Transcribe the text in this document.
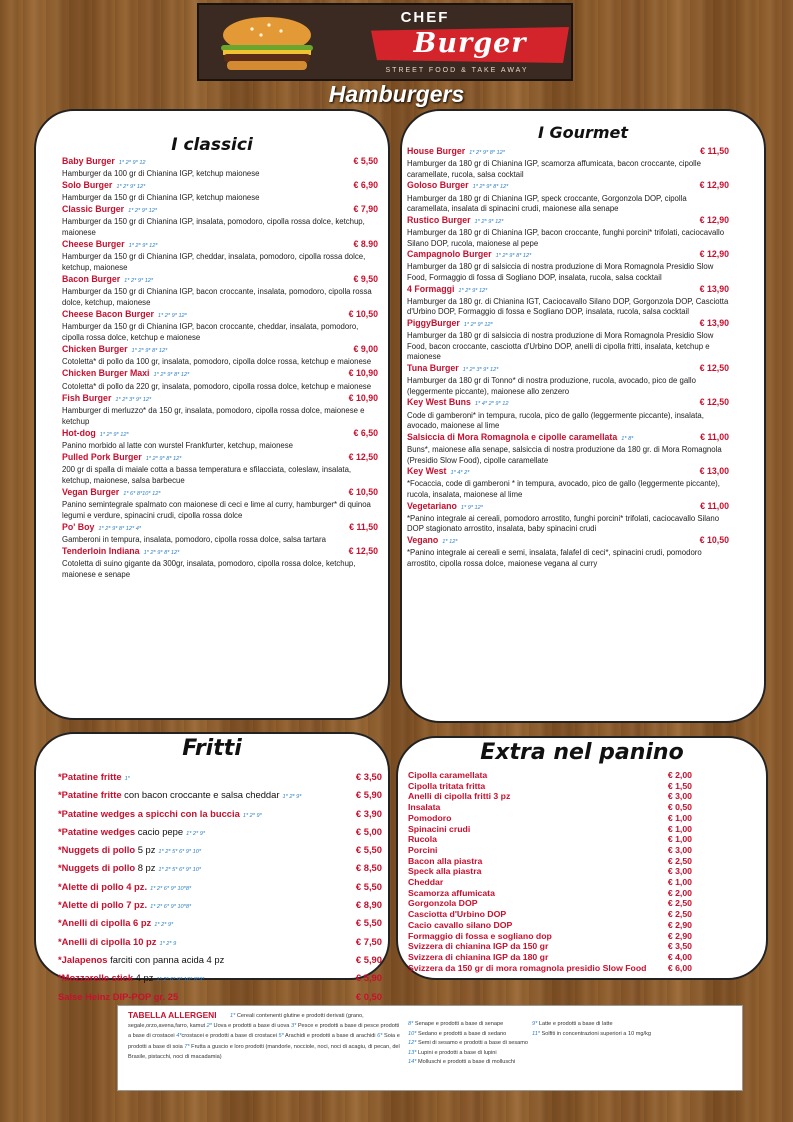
CHEF
Burger
STREET FOOD & TAKE AWAY
Hamburgers
I classici
Baby Burger 1* 2* 9* 12	€ 5,50
Hamburger da 100 gr di Chianina IGP, ketchup maionese
Solo Burger 1* 2* 9* 12*	€ 6,90
Hamburger da 150 gr di Chianina IGP, ketchup maionese
Classic Burger 1* 2* 9* 12*	€ 7,90
Hamburger da 150 gr di Chianina IGP, insalata, pomodoro, cipolla rossa dolce, ketchup, maionese
Cheese Burger 1* 2* 9* 12*	€ 8.90
Hamburger da 150 gr di Chianina IGP, cheddar, insalata, pomodoro, cipolla rossa dolce, ketchup, maionese
Bacon Burger 1* 2* 9* 12*	€ 9,50
Hamburger da 150 gr di Chianina IGP, bacon croccante, insalata, pomodoro, cipolla rossa dolce, ketchup, maionese
Cheese Bacon Burger 1* 2* 9* 12*	€ 10,50
Hamburger da 150 gr di Chianina IGP, bacon croccante, cheddar, insalata, pomodoro, cipolla rossa dolce, ketchup e maionese
Chicken Burger 1* 2* 9* 8* 12*	€ 9,00
Cotoletta* di pollo da 100 gr, insalata, pomodoro, cipolla dolce rossa, ketchup e maionese
Chicken Burger Maxi 1* 2* 9* 8* 12*	€ 10,90
Cotoletta* di pollo da 220 gr, insalata, pomodoro, cipolla rossa dolce, ketchup e maionese
Fish Burger 1* 2* 3* 9* 12*	€ 10,90
Hamburger di merluzzo* da 150 gr, insalata, pomodoro, cipolla rossa dolce, maionese e ketchup
Hot-dog 1* 2* 9* 12*	€ 6,50
Panino morbido al latte con wurstel Frankfurter, ketchup, maionese
Pulled Pork Burger 1* 2* 9* 8* 12*	€ 12,50
200 gr di spalla di maiale cotta a bassa temperatura e sfilacciata, coleslaw, insalata, ketchup, maionese, salsa barbecue
Vegan Burger 1* 6* 8*10* 12*	€ 10,50
Panino semintegrale spalmato con maionese di ceci e lime al curry, hamburger* di quinoa legumi e verdure, spinacini crudi, cipolla rossa dolce
Po' Boy 1* 2* 9* 8* 12* 4*	€ 11,50
Gamberoni in tempura, insalata, pomodoro, cipolla rossa dolce, salsa tartara
Tenderloin Indiana 1* 2* 9* 8* 12*	€ 12,50
Cotoletta di suino gigante da 300gr, insalata, pomodoro, cipolla rossa dolce, ketchup, maionese e senape
I Gourmet
House Burger 1* 2* 9* 8* 12*	€ 11,50
Hamburger da 180 gr di Chianina IGP, scamorza affumicata, bacon croccante, cipolle caramellate, rucola, salsa cocktail
Goloso Burger 1* 2* 9* 8* 12*	€ 12,90
Hamburger da 180 gr di Chianina IGP, speck croccante, Gorgonzola DOP, cipolla caramellata, insalata di spinacini crudi, maionese alla senape
Rustico Burger 1* 2* 9* 12*	€ 12,90
Hamburger da 180 gr di Chianina IGP, bacon croccante, funghi porcini* trifolati, caciocavallo Silano DOP, rucola, maionese al pepe
Campagnolo Burger 1* 2* 9* 8* 12*	€ 12,90
Hamburger da 180 gr di salsiccia di nostra produzione di Mora Romagnola Presidio Slow Food, Formaggio di fossa di Sogliano DOP, insalata, rucola, salsa cocktail
4 Formaggi 1* 2* 9* 12*	€ 13,90
Hamburger da 180 gr. di Chianina IGT, Caciocavallo Silano DOP, Gorgonzola DOP, Casciotta d'Urbino DOP, Formaggio di fossa e Sogliano DOP, insalata, rucola, salsa cocktail
PiggyBurger 1* 2* 9* 12*	€ 13,90
Hamburger da 180 gr di salsiccia di nostra produzione di Mora Romagnola Presidio Slow Food, bacon croccante, casciotta d'Urbino DOP, anelli di cipolla fritti, insalata, ketchup e maionese
Tuna Burger 1* 2* 3* 9* 12*	€ 12,50
Hamburger da 180 gr di Tonno* di nostra produzione, rucola, avocado, pico de gallo (leggermente piccante), maionese allo zenzero
Key West Buns 1* 4* 2* 9* 12	€ 12,50
Code di gamberoni* in tempura, rucola, pico de gallo (leggermente piccante), insalata, avocado, maionese al lime
Salsiccia di Mora Romagnola e cipolle caramellata 1* 8*	€ 11,00
Buns*, maionese alla senape, salsiccia di nostra produzione da 180 gr. di Mora Romagnola (Presidio Slow Food), cipolle caramellate
Key West 1* 4* 2*	€ 13,00
*Focaccia, code di gamberoni * in tempura, avocado, pico de gallo (leggermente piccante), rucola, insalata, maionese al lime
Vegetariano 1* 9* 12*	€ 11,00
*Panino integrale ai cereali, pomodoro arrostito, funghi porcini* trifolati, caciocavallo Silano DOP stagionato arrostito, insalata, baby spinacini crudi
Vegano 1* 12*	€ 10,50
*Panino integrale ai cereali e semi, insalata, falafel di ceci*, spinacini crudi, pomodoro arrostito, cipolla rossa dolce, maionese vegana al curry
Fritti
*Patatine fritte 1*	€ 3,50
*Patatine fritte con bacon croccante e salsa cheddar 1* 2* 9*	€ 5,90
*Patatine wedges a spicchi con la buccia 1* 2* 9*	€ 3,90
*Patatine wedges cacio pepe 1* 2* 9*	€ 5,00
*Nuggets di pollo 5 pz 1* 2* 5* 6* 9* 10*	€ 5,50
*Nuggets di pollo 8 pz 1* 2* 5* 6* 9* 10*	€ 8,50
*Alette di pollo 4 pz. 1* 2* 6* 9* 10*8*	€ 5,50
*Alette di pollo 7 pz. 1* 2* 6* 9* 10*8*	€ 8,90
*Anelli di cipolla 6 pz 1* 2* 9*	€ 5,50
*Anelli di cipolla 10 pz 1* 2* 9	€ 7,50
*Jalapenos farciti con panna acida 4 pz	€ 5,90
*Mozzarelle stick 4 pz 1* 2* 6* 9* 10* 8*9*	€ 5,90
Salse Heinz DIP-POP gr. 25	€ 0,50
Extra nel panino
Cipolla caramellata	€ 2,00
Cipolla tritata fritta	€ 1,50
Anelli di cipolla fritti 3 pz	€ 3,00
Insalata	€ 0,50
Pomodoro	€ 1,00
Spinacini crudi	€ 1,00
Rucola	€ 1,00
Porcini	€ 3,00
Bacon alla piastra	€ 2,50
Speck alla piastra	€ 3,00
Cheddar	€ 1,00
Scamorza affumicata	€ 2,00
Gorgonzola DOP	€ 2,50
Casciotta d'Urbino DOP	€ 2,50
Cacio cavallo silano DOP	€ 2,90
Formaggio di fossa e sogliano dop	€ 2,90
Svizzera di chianina IGP da 150 gr	€ 3,50
Svizzera di chianina IGP da 180 gr	€ 4,00
Svizzera da 150 gr di mora romagnola presidio Slow Food € 6,00
TABELLA ALLERGENI	1* Cereali contenenti glutine e prodotti derivati (grano, segale,orzo,avena,farro, kamut 2* Uova e prodotti a base di uova 3* Pesce e prodotti a base di pesce prodotti a base di crostacei 4*crostacei e prodotti a base di crostacei 5* Arachidi e prodotti a base di arachidi 6* Soia e prodotti a base di soia 7* Frutta a guscio e loro prodotti (mandorle, nocciole, noci, noci di acagiu, di pecan, del Brasile, pistacchi, noci di macadamia)
8* Senape e prodotti a base di senape	9* Latte e prodotti a base di latte
10* Sedano e prodotti a base di sedano	11* Solfiti in concentrazioni superiori a 10 mg/kg
12* Semi di sesamo e prodotti a base di sesamo
13* Lupini e prodotti a base di lupini
14* Molluschi e prodotti a base di molluschi
